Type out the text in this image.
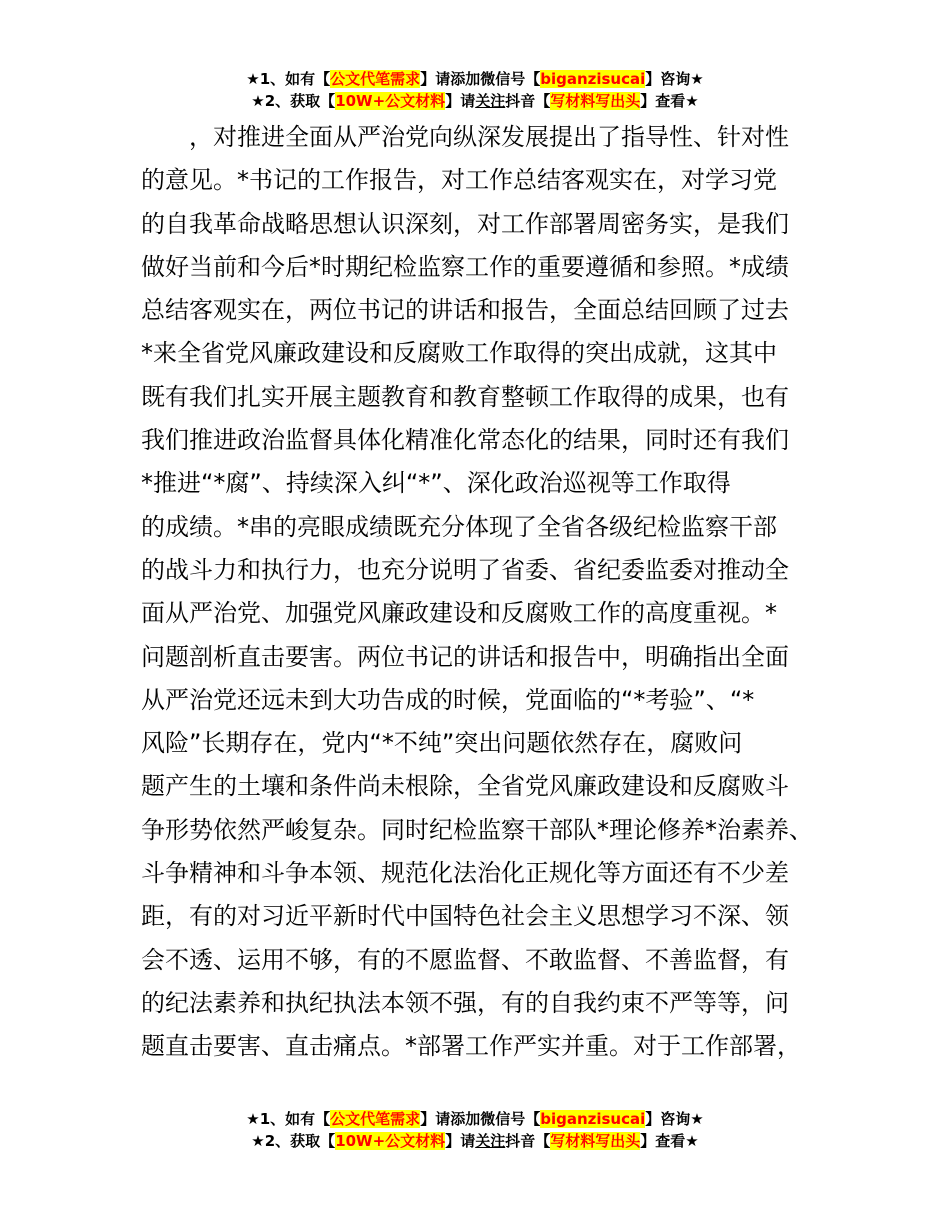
★1、如有【公文代笔需求】请添加微信号【biganzisucai】咨询★
★2、获取【10W+公文材料】请关注抖音【写材料写出头】查看★
　　，对推进全面从严治党向纵深发展提出了指导性、针对性
的意见。*书记的工作报告，对工作总结客观实在，对学习党
的自我革命战略思想认识深刻，对工作部署周密务实，是我们
做好当前和今后*时期纪检监察工作的重要遵循和参照。*成绩
总结客观实在，两位书记的讲话和报告，全面总结回顾了过去
*来全省党风廉政建设和反腐败工作取得的突出成就，这其中
既有我们扎实开展主题教育和教育整顿工作取得的成果，也有
我们推进政治监督具体化精准化常态化的结果，同时还有我们
*推进“*腐”、持续深入纠“*”、深化政治巡视等工作取得
的成绩。*串的亮眼成绩既充分体现了全省各级纪检监察干部
的战斗力和执行力，也充分说明了省委、省纪委监委对推动全
面从严治党、加强党风廉政建设和反腐败工作的高度重视。*
问题剖析直击要害。两位书记的讲话和报告中，明确指出全面
从严治党还远未到大功告成的时候，党面临的“*考验”、“*
风险”长期存在，党内“*不纯”突出问题依然存在，腐败问
题产生的土壤和条件尚未根除，全省党风廉政建设和反腐败斗
争形势依然严峻复杂。同时纪检监察干部队*理论修养*治素养、
斗争精神和斗争本领、规范化法治化正规化等方面还有不少差
距，有的对习近平新时代中国特色社会主义思想学习不深、领
会不透、运用不够，有的不愿监督、不敢监督、不善监督，有
的纪法素养和执纪执法本领不强，有的自我约束不严等等，问
题直击要害、直击痛点。*部署工作严实并重。对于工作部署，
★1、如有【公文代笔需求】请添加微信号【biganzisucai】咨询★
★2、获取【10W+公文材料】请关注抖音【写材料写出头】查看★
